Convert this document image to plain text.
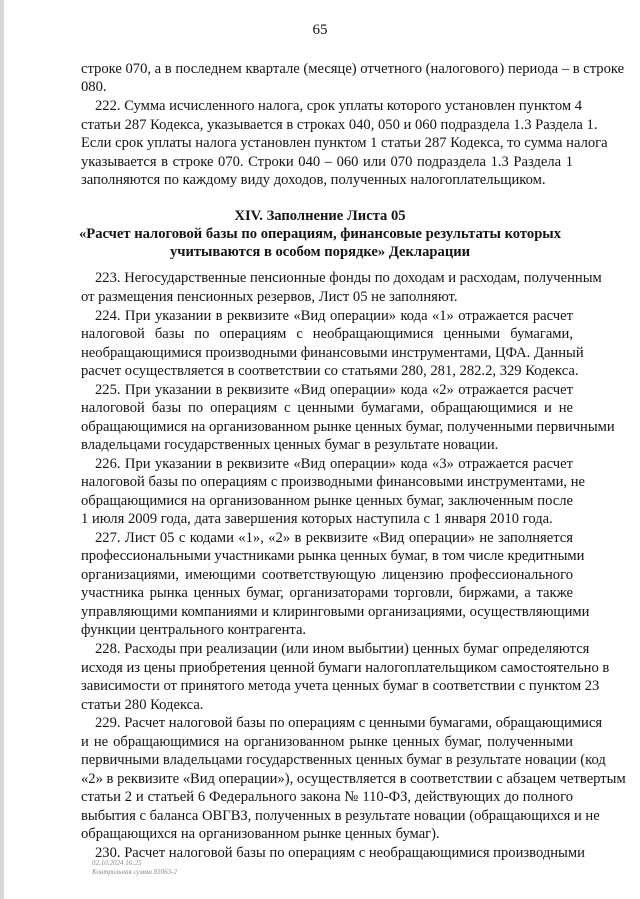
65
строке 070, а в последнем квартале (месяце) отчетного (налогового) периода – в строке
080.
222. Сумма исчисленного налога, срок уплаты которого установлен пунктом 4
статьи 287 Кодекса, указывается в строках 040, 050 и 060 подраздела 1.3 Раздела 1.
Если срок уплаты налога установлен пунктом 1 статьи 287 Кодекса, то сумма налога
указывается в строке 070. Строки 040 – 060 или 070 подраздела 1.3 Раздела 1
заполняются по каждому виду доходов, полученных налогоплательщиком.
XIV. Заполнение Листа 05
«Расчет налоговой базы по операциям, финансовые результаты которых
учитываются в особом порядке» Декларации
223. Негосударственные пенсионные фонды по доходам и расходам, полученным
от размещения пенсионных резервов, Лист 05 не заполняют.
224. При указании в реквизите «Вид операции» кода «1» отражается расчет
налоговой базы по операциям с необращающимися ценными бумагами,
необращающимися производными финансовыми инструментами, ЦФА. Данный
расчет осуществляется в соответствии со статьями 280, 281, 282.2, 329 Кодекса.
225. При указании в реквизите «Вид операции» кода «2» отражается расчет
налоговой базы по операциям с ценными бумагами, обращающимися и не
обращающимися на организованном рынке ценных бумаг, полученными первичными
владельцами государственных ценных бумаг в результате новации.
226. При указании в реквизите «Вид операции» кода «3» отражается расчет
налоговой базы по операциям с производными финансовыми инструментами, не
обращающимися на организованном рынке ценных бумаг, заключенным после
1 июля 2009 года, дата завершения которых наступила с 1 января 2010 года.
227. Лист 05 с кодами «1», «2» в реквизите «Вид операции» не заполняется
профессиональными участниками рынка ценных бумаг, в том числе кредитными
организациями, имеющими соответствующую лицензию профессионального
участника рынка ценных бумаг, организаторами торговли, биржами, а также
управляющими компаниями и клиринговыми организациями, осуществляющими
функции центрального контрагента.
228. Расходы при реализации (или ином выбытии) ценных бумаг определяются
исходя из цены приобретения ценной бумаги налогоплательщиком самостоятельно в
зависимости от принятого метода учета ценных бумаг в соответствии с пунктом 23
статьи 280 Кодекса.
229. Расчет налоговой базы по операциям с ценными бумагами, обращающимися
и не обращающимися на организованном рынке ценных бумаг, полученными
первичными владельцами государственных ценных бумаг в результате новации (код
«2» в реквизите «Вид операции»), осуществляется в соответствии с абзацем четвертым
статьи 2 и статьей 6 Федерального закона № 110-ФЗ, действующих до полного
выбытия с баланса ОВГВЗ, полученных в результате новации (обращающихся и не
обращающихся на организованном рынке ценных бумаг).
230. Расчет налоговой базы по операциям с необращающимися производными
02.10.2024 16:25
Контрольная сумма 83063-2
